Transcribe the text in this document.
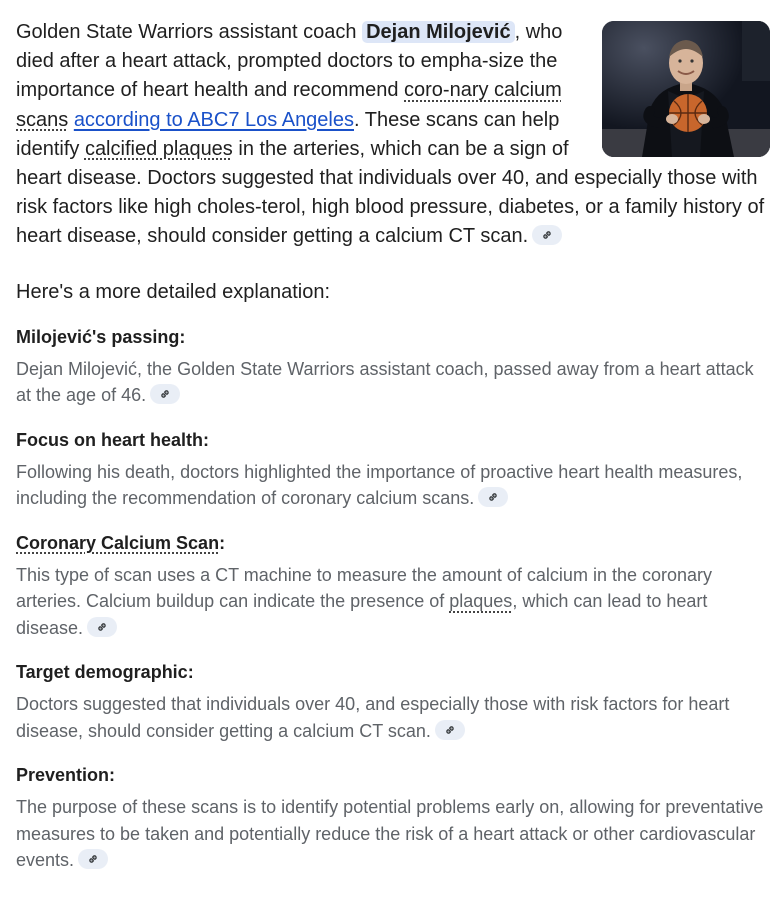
Golden State Warriors assistant coach Dejan Milojević , who died after a heart attack, prompted doctors to empha-size the importance of heart health and recommend coro-nary calcium scans according to ABC7 Los Angeles. These scans can help identify calcified plaques in the arteries, which can be a sign of heart disease. Doctors suggested that individuals over 40, and especially those with risk factors like high choles-terol, high blood pressure, diabetes, or a family history of heart disease, should consider getting a calcium CT scan.

Here's a more detailed explanation:
Milojević's passing:

Dejan Milojević, the Golden State Warriors assistant coach, passed away from a heart attack at the age of 46.

Focus on heart health:

Following his death, doctors highlighted the importance of proactive heart health measures, including the recommendation of coronary calcium scans.

Coronary Calcium Scan:

This type of scan uses a CT machine to measure the amount of calcium in the coronary arteries. Calcium buildup can indicate the presence of plaques, which can lead to heart disease.

Target demographic:

Doctors suggested that individuals over 40, and especially those with risk factors for heart disease, should consider getting a calcium CT scan.

Prevention:

The purpose of these scans is to identify potential problems early on, allowing for preventative measures to be taken and potentially reduce the risk of a heart attack or other cardiovascular events.
